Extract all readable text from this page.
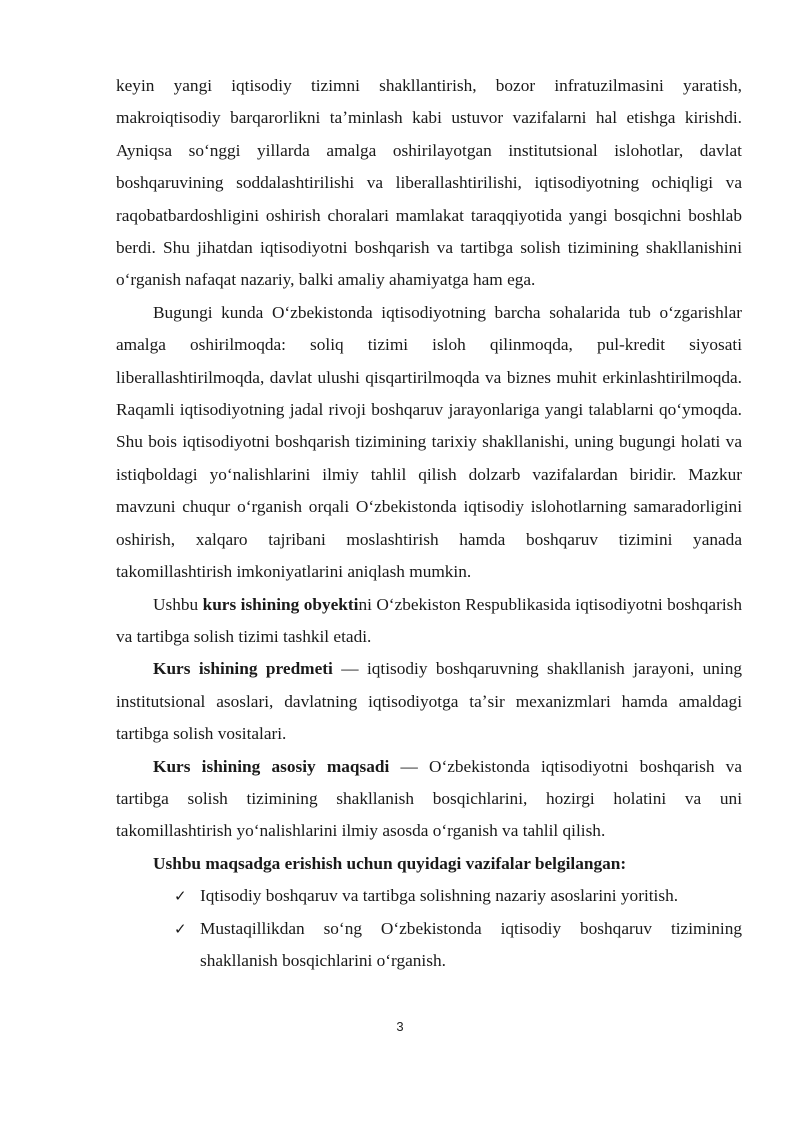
keyin yangi iqtisodiy tizimni shakllantirish, bozor infratuzilmasini yaratish, makroiqtisodiy barqarorlikni taʼminlash kabi ustuvor vazifalarni hal etishga kirishdi. Ayniqsa soʻnggi yillarda amalga oshirilayotgan institutsional islohotlar, davlat boshqaruvining soddalashtirilishi va liberallashtirilishi, iqtisodiyotning ochiqligi va raqobatbardoshligini oshirish choralari mamlakat taraqqiyotida yangi bosqichni boshlab berdi. Shu jihatdan iqtisodiyotni boshqarish va tartibga solish tizimining shakllanishini oʻrganish nafaqat nazariy, balki amaliy ahamiyatga ham ega.

Bugungi kunda Oʻzbekistonda iqtisodiyotning barcha sohalarida tub oʻzgarishlar amalga oshirilmoqda: soliq tizimi isloh qilinmoqda, pul-kredit siyosati liberallashtirilmoqda, davlat ulushi qisqartirilmoqda va biznes muhit erkinlashtirilmoqda. Raqamli iqtisodiyotning jadal rivoji boshqaruv jarayonlariga yangi talablarni qoʻymoqda. Shu bois iqtisodiyotni boshqarish tizimining tarixiy shakllanishi, uning bugungi holati va istiqboldagi yoʻnalishlarini ilmiy tahlil qilish dolzarb vazifalardan biridir. Mazkur mavzuni chuqur oʻrganish orqali Oʻzbekistonda iqtisodiy islohotlarning samaradorligini oshirish, xalqaro tajribani moslashtirish hamda boshqaruv tizimini yanada takomillashtirish imkoniyatlarini aniqlash mumkin.

Ushbu kurs ishining obyektini Oʻzbekiston Respublikasida iqtisodiyotni boshqarish va tartibga solish tizimi tashkil etadi.

Kurs ishining predmeti — iqtisodiy boshqaruvning shakllanish jarayoni, uning institutsional asoslari, davlatning iqtisodiyotga taʼsir mexanizmlari hamda amaldagi tartibga solish vositalari.

Kurs ishining asosiy maqsadi — Oʻzbekistonda iqtisodiyotni boshqarish va tartibga solish tizimining shakllanish bosqichlarini, hozirgi holatini va uni takomillashtirish yoʻnalishlarini ilmiy asosda oʻrganish va tahlil qilish.

Ushbu maqsadga erishish uchun quyidagi vazifalar belgilangan:

✓ Iqtisodiy boshqaruv va tartibga solishning nazariy asoslarini yoritish.
✓ Mustaqillikdan soʻng Oʻzbekistonda iqtisodiy boshqaruv tizimining shakllanish bosqichlarini oʻrganish.
3
